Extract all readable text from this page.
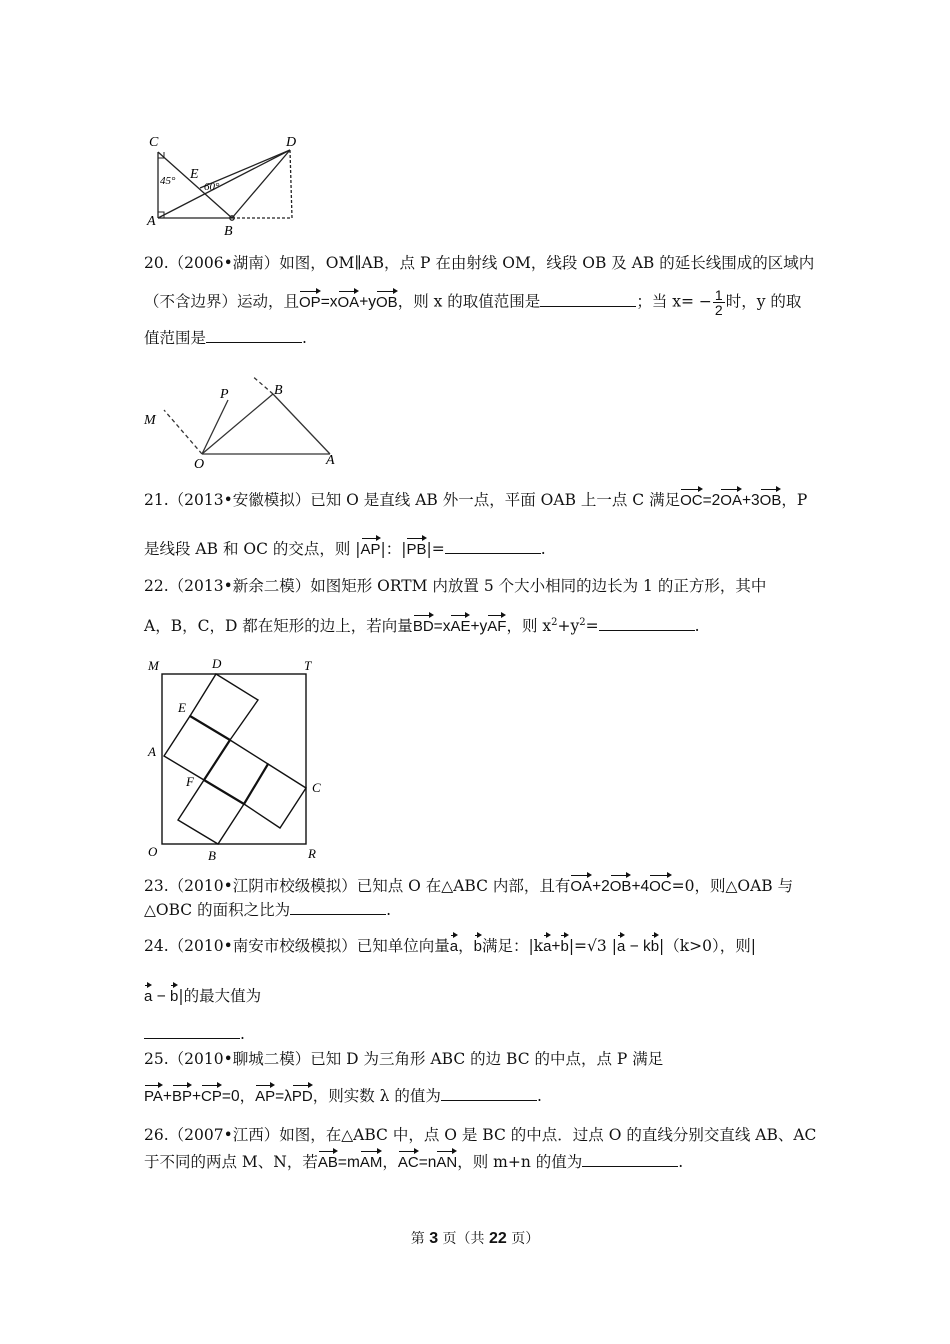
C	D
E
A
B
45°	60°
20.（2006•湖南）如图，OM∥AB，点 P 在由射线 OM，线段 OB 及 AB 的延长线围成的区域内
（不含边界）运动，且OP=xOA+yOB，则 x 的取值范围是	；当 $x= - \frac{1}{2}$ 时，y 的取
值范围是	.
M
P	B
O	A
21.（2013•安徽模拟）已知 O 是直线 AB 外一点，平面 OAB 上一点 C 满足OC=2OA+3OB，P
是线段 AB 和 OC 的交点，则 |AP|：|PB|=	.
22.（2013•新余二模）如图矩形 ORTM 内放置 5 个大小相同的边长为 1 的正方形，其中
A，B，C，D 都在矩形的边上，若向量BD=xAE+yAF，则 $x^2+y^2=$	.
M	D	T
E
A
F	C
O	B	R
23.（2010•江阴市校级模拟）已知点 O 在△ABC 内部，且有OA+2OB+4OC=0，则△OAB 与
△OBC 的面积之比为	.
24.（2010•南安市校级模拟）已知单位向量a，b满足：|ka+b|=√3 |a − kb|（k>0），则|
a − b|的最大值为
.
25.（2010•聊城二模）已知 D 为三角形 ABC 的边 BC 的中点，点 P 满足
PA+BP+CP=0，AP=λPD，则实数 λ 的值为	.
26.（2007•江西）如图，在△ABC 中，点 O 是 BC 的中点．过点 O 的直线分别交直线 AB、AC
于不同的两点 M、N，若AB=mAM，AC=nAN，则 m+n 的值为	.
第 3 页（共 22 页）
